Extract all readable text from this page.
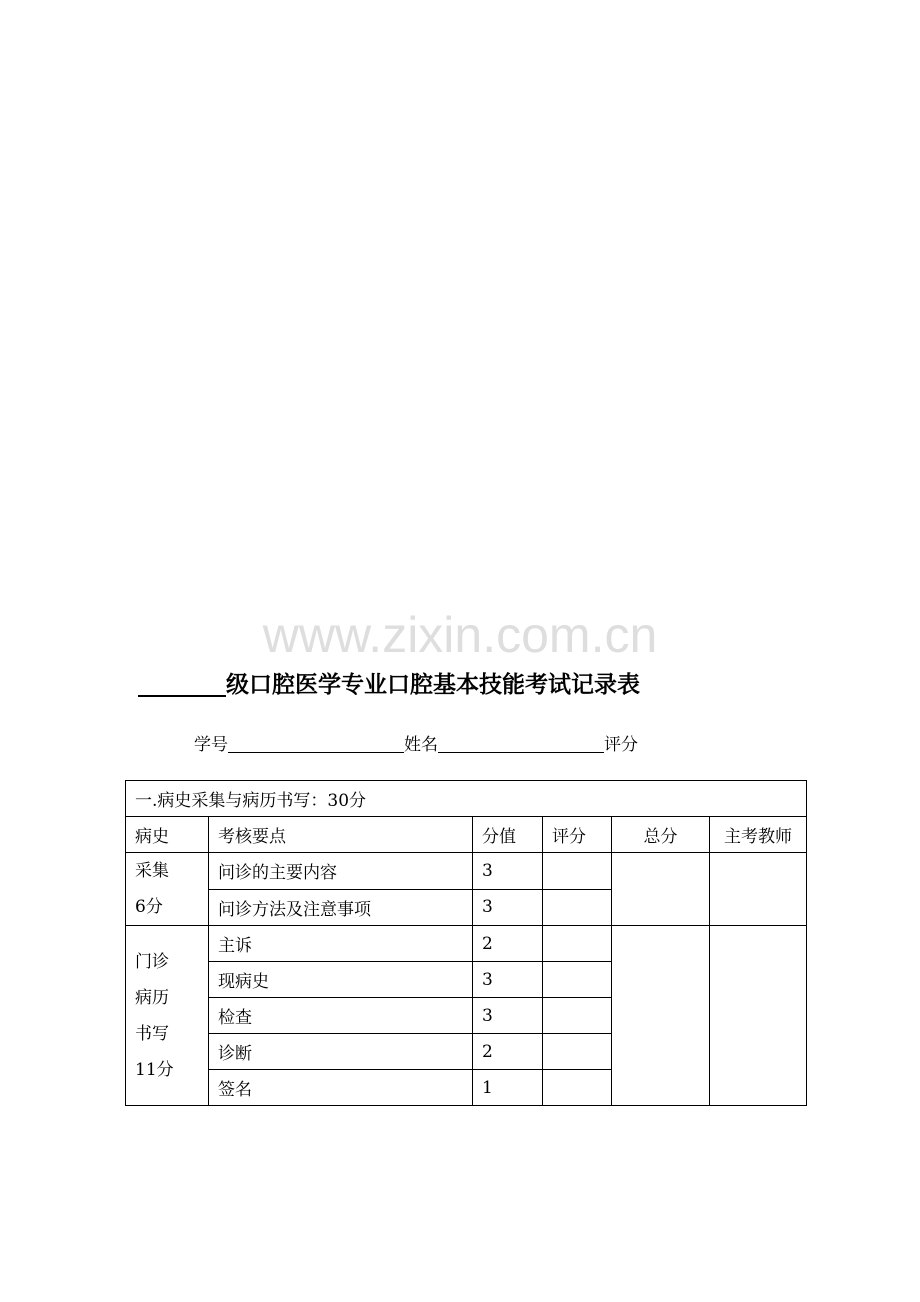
www.zixin.com.cn
级口腔医学专业口腔基本技能考试记录表
学号	姓名	评分
一.病史采集与病历书写：30分					
病史	考核要点	分值	评分	总分	主考教师

采集
6分	问诊的主要内容	3			
	问诊方法及注意事项	3			

门诊
病历
书写
11分	主诉	2			
	现病史	3			
	检查	3			
	诊断	2			
	签名	1			
